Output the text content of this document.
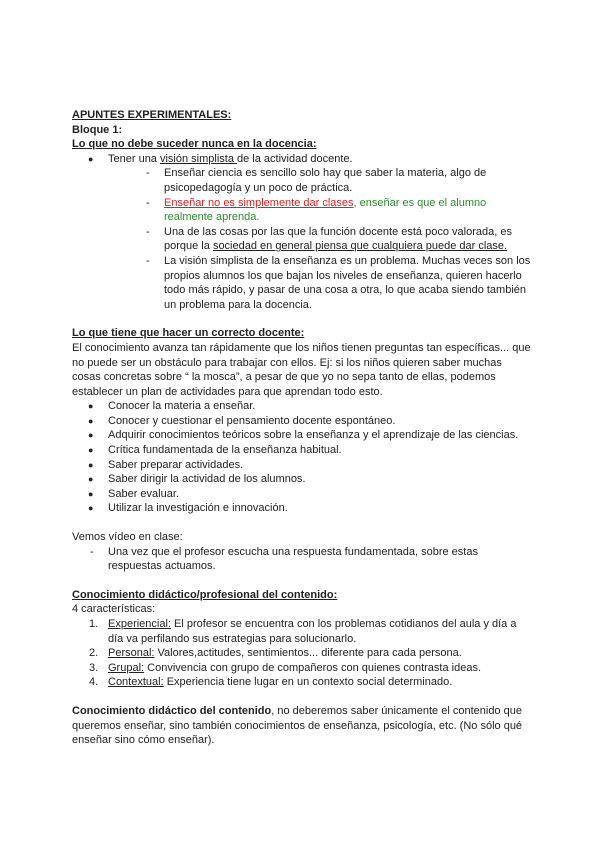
APUNTES EXPERIMENTALES:

Bloque 1:

Lo que no debe suceder nunca en la docencia:

● Tener una visión simplista de la actividad docente.
- Enseñar ciencia es sencillo solo hay que saber la materia, algo de psicopedagogía y un poco de práctica.
- Enseñar no es simplemente dar clases, enseñar es que el alumno realmente aprenda.
- Una de las cosas por las que la función docente está poco valorada, es porque la sociedad en general piensa que cualquiera puede dar clase.
- La visión simplista de la enseñanza es un problema. Muchas veces son los propios alumnos los que bajan los niveles de enseñanza, quieren hacerlo todo más rápido, y pasar de una cosa a otra, lo que acaba siendo también un problema para la docencia.

Lo que tiene que hacer un correcto docente:

El conocimiento avanza tan rápidamente que los niños tienen preguntas tan específicas... que no puede ser un obstáculo para trabajar con ellos. Ej: si los niños quieren saber muchas cosas concretas sobre “ la mosca”, a pesar de que yo no sepa tanto de ellas, podemos establecer un plan de actividades para que aprendan todo esto.

● Conocer la materia a enseñar.
● Conocer y cuestionar el pensamiento docente espontáneo.
● Adquirir conocimientos teóricos sobre la enseñanza y el aprendizaje de las ciencias.
● Crítica fundamentada de la enseñanza habitual.
● Saber preparar actividades.
● Saber dirigir la actividad de los alumnos.
● Saber evaluar.
● Utilizar la investigación e innovación.

Vemos vídeo en clase:

- Una vez que el profesor escucha una respuesta fundamentada, sobre estas respuestas actuamos.

Conocimiento didáctico/profesional del contenido:

4 características:

1. Experiencial: El profesor se encuentra con los problemas cotidianos del aula y día a día va perfilando sus estrategias para solucionarlo.
2. Personal: Valores,actitudes, sentimientos... diferente para cada persona.
3. Grupal: Convivencia con grupo de compañeros con quienes contrasta ideas.
4. Contextual: Experiencia tiene lugar en un contexto social determinado.

Conocimiento didáctico del contenido, no deberemos saber únicamente el contenido que queremos enseñar, sino también conocimientos de enseñanza, psicología, etc. (No sólo qué enseñar sino cómo enseñar).
